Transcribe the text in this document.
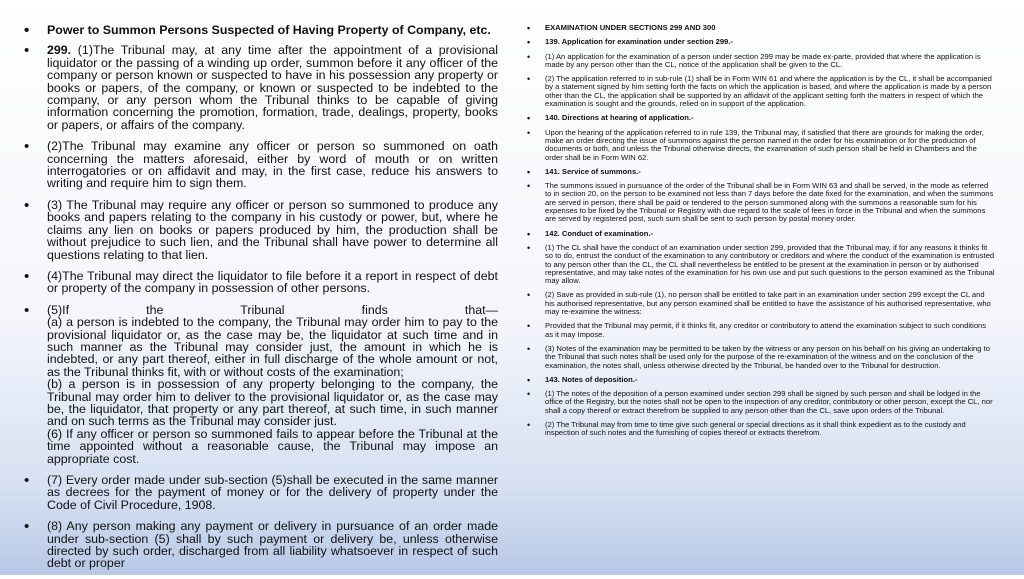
• Power to Summon Persons Suspected of Having Property of Company, etc.
• 299. (1)The Tribunal may, at any time after the appointment of a provisional liquidator or the passing of a winding up order, summon before it any officer of the company or person known or suspected to have in his possession any property or books or papers, of the company, or known or suspected to be indebted to the company, or any person whom the Tribunal thinks to be capable of giving information concerning the promotion, formation, trade, dealings, property, books or papers, or affairs of the company.
• (2)The Tribunal may examine any officer or person so summoned on oath concerning the matters aforesaid, either by word of mouth or on written interrogatories or on affidavit and may, in the first case, reduce his answers to writing and require him to sign them.
• (3) The Tribunal may require any officer or person so summoned to produce any books and papers relating to the company in his custody or power, but, where he claims any lien on books or papers produced by him, the production shall be without prejudice to such lien, and the Tribunal shall have power to determine all questions relating to that lien.
• (4)The Tribunal may direct the liquidator to file before it a report in respect of debt or property of the company in possession of other persons.
• (5)If the Tribunal finds that—
(a) a person is indebted to the company, the Tribunal may order him to pay to the provisional liquidator or, as the case may be, the liquidator at such time and in such manner as the Tribunal may consider just, the amount in which he is indebted, or any part thereof, either in full discharge of the whole amount or not, as the Tribunal thinks fit, with or without costs of the examination;
(b) a person is in possession of any property belonging to the company, the Tribunal may order him to deliver to the provisional liquidator or, as the case may be, the liquidator, that property or any part thereof, at such time, in such manner and on such terms as the Tribunal may consider just.
(6) If any officer or person so summoned fails to appear before the Tribunal at the time appointed without a reasonable cause, the Tribunal may impose an appropriate cost.
• (7) Every order made under sub-section (5)shall be executed in the same manner as decrees for the payment of money or for the delivery of property under the Code of Civil Procedure, 1908.
• (8) Any person making any payment or delivery in pursuance of an order made under sub-section (5) shall by such payment or delivery be, unless otherwise directed by such order, discharged from all liability whatsoever in respect of such debt or proper
• EXAMINATION UNDER SECTIONS 299 AND 300
• 139. Application for examination under section 299.-
• (1) An application for the examination of a person under section 299 may be made ex-parte, provided that where the application is made by any person other than the CL, notice of the application shall be given to the CL.
• (2) The application referred to in sub-rule (1) shall be in Form WIN 61 and where the application is by the CL, it shall be accompanied by a statement signed by him setting forth the facts on which the application is based, and where the application is made by a person other than the CL, the application shall be supported by an affidavit of the applicant setting forth the matters in respect of which the examination is sought and the grounds, relied on in support of the application.
• 140. Directions at hearing of application.-
• Upon the hearing of the application referred to in rule 139, the Tribunal may, if satisfied that there are grounds for making the order, make an order directing the issue of summons against the person named in the order for his examination or for the production of documents or both, and unless the Tribunal otherwise directs, the examination of such person shall be held in Chambers and the order shall be in Form WIN 62.
• 141. Service of summons.-
• The summons issued in pursuance of the order of the Tribunal shall be in Form WIN 63 and shall be served, in the mode as referred to in section 20, on the person to be examined not less than 7 days before the date fixed for the examination, and when the summons are served in person, there shall be paid or tendered to the person summoned along with the summons a reasonable sum for his expenses to be fixed by the Tribunal or Registry with due regard to the scale of fees in force in the Tribunal and when the summons are served by registered post, such sum shall be sent to such person by postal money order.
• 142. Conduct of examination.-
• (1) The CL shall have the conduct of an examination under section 299, provided that the Tribunal may, if for any reasons it thinks fit so to do, entrust the conduct of the examination to any contributory or creditors and where the conduct of the examination is entrusted to any person other than the CL, the CL shall nevertheless be entitled to be present at the examination in person or by authorised representative, and may take notes of the examination for his own use and put such questions to the person examined as the Tribunal may allow.
• (2) Save as provided in sub-rule (1), no person shall be entitled to take part in an examination under section 299 except the CL and his authorised representative, but any person examined shall be entitled to have the assistance of his authorised representative, who may re-examine the witness:
• Provided that the Tribunal may permit, if it thinks fit, any creditor or contributory to attend the examination subject to such conditions as it may Impose.
• (3) Notes of the examination may be permitted to be taken by the witness or any person on his behalf on his giving an undertaking to the Tribunal that such notes shall be used only for the purpose of the re-examination of the witness and on the conclusion of the examination, the notes shall, unless otherwise directed by the Tribunal, be handed over to the Tribunal for destruction.
• 143. Notes of deposition.-
• (1) The notes of the deposition of a person examined under section 299 shall be signed by such person and shall be lodged in the office of the Registry, but the notes shall not be open to the inspection of any creditor, contributory or other person, except the CL, nor shall a copy thereof or extract therefrom be supplied to any person other than the CL, save upon orders of the Tribunal.
• (2) The Tribunal may from time to time give such general or special directions as it shall think expedient as to the custody and inspection of such notes and the furnishing of copies thereof or extracts therefrom.
